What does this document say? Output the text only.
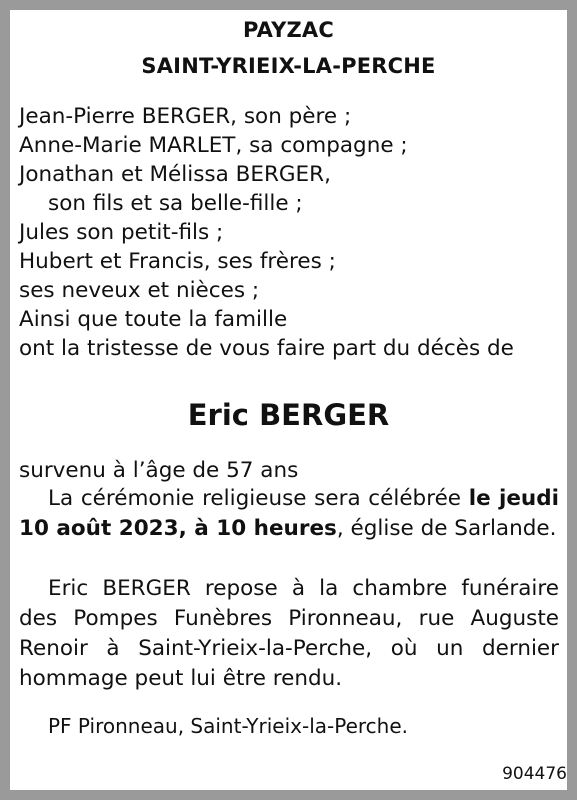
PAYZAC
SAINT-YRIEIX-LA-PERCHE
Jean-Pierre BERGER, son père ;
Anne-Marie MARLET, sa compagne ;
Jonathan et Mélissa BERGER,
son fils et sa belle-fille ;
Jules son petit-fils ;
Hubert et Francis, ses frères ;
ses neveux et nièces ;
Ainsi que toute la famille
ont la tristesse de vous faire part du décès de
Eric BERGER
survenu à l’âge de 57 ans
La cérémonie religieuse sera célébrée le jeudi 10 août 2023, à 10 heures, église de Sarlande.
Eric BERGER repose à la chambre funéraire des Pompes Funèbres Pironneau, rue Auguste Renoir à Saint-Yrieix-la-Perche, où un dernier hommage peut lui être rendu.
PF Pironneau, Saint-Yrieix-la-Perche.
904476
